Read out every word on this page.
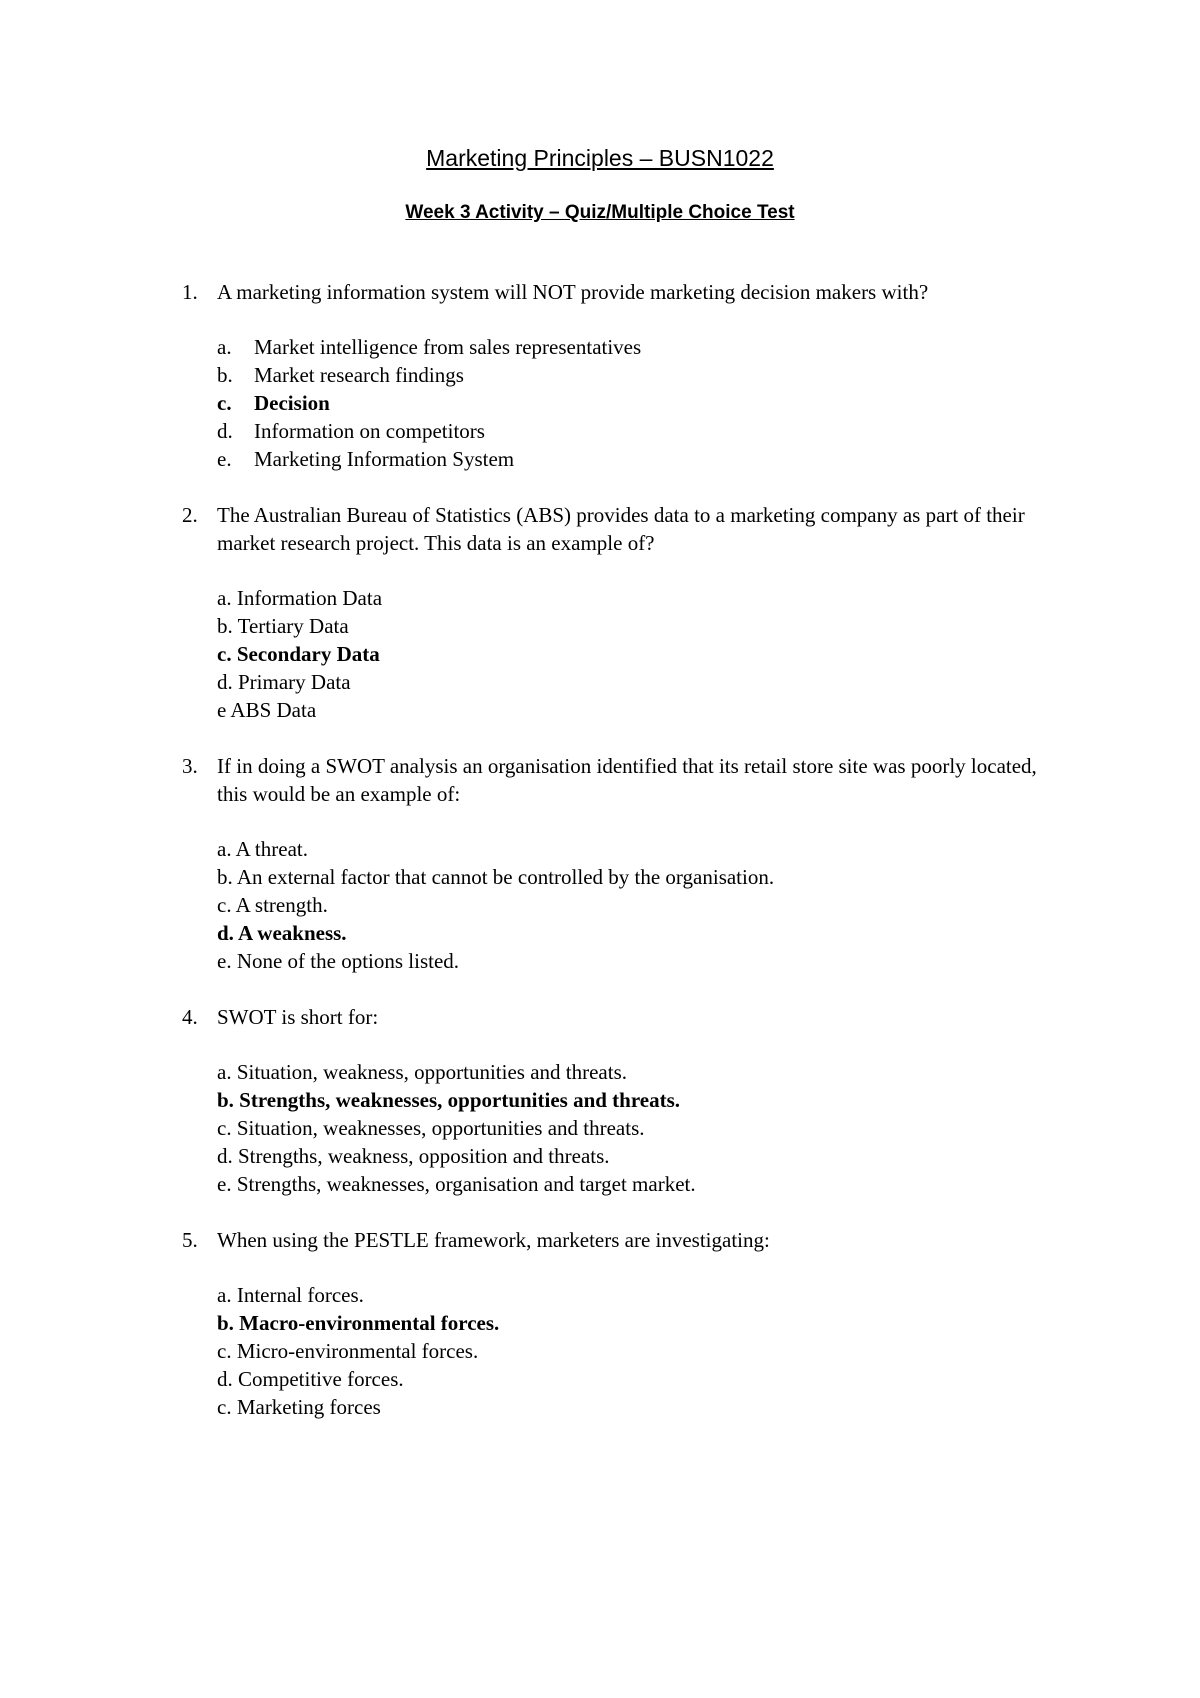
Marketing Principles – BUSN1022
Week 3 Activity – Quiz/Multiple Choice Test
1. A marketing information system will NOT provide marketing decision makers with?
a. Market intelligence from sales representatives
b. Market research findings
c. Decision
d. Information on competitors
e. Marketing Information System
2. The Australian Bureau of Statistics (ABS) provides data to a marketing company as part of their market research project. This data is an example of?
a. Information Data
b. Tertiary Data
c. Secondary Data
d. Primary Data
e ABS Data
3. If in doing a SWOT analysis an organisation identified that its retail store site was poorly located, this would be an example of:
a. A threat.
b. An external factor that cannot be controlled by the organisation.
c. A strength.
d. A weakness.
e. None of the options listed.
4. SWOT is short for:
a. Situation, weakness, opportunities and threats.
b. Strengths, weaknesses, opportunities and threats.
c. Situation, weaknesses, opportunities and threats.
d. Strengths, weakness, opposition and threats.
e. Strengths, weaknesses, organisation and target market.
5. When using the PESTLE framework, marketers are investigating:
a. Internal forces.
b. Macro-environmental forces.
c. Micro-environmental forces.
d. Competitive forces.
c. Marketing forces
